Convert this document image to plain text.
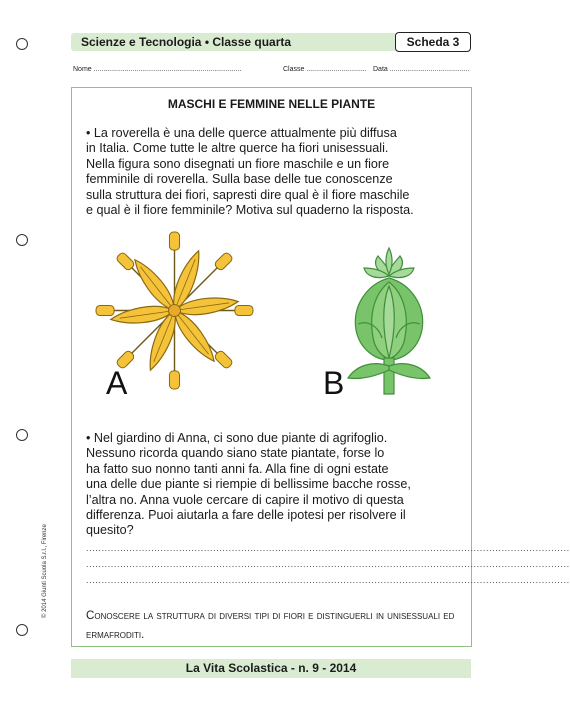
Scienze e Tecnologia • Classe quarta	Scheda 3
Nome ............................................................................	Classe ............................... Data .........................................
MASCHI E FEMMINE NELLE PIANTE

• La roverella è una delle querce attualmente più diffusa

in Italia. Come tutte le altre querce ha fiori unisessuali.

Nella figura sono disegnati un fiore maschile e un fiore

femminile di roverella. Sulla base delle tue conoscenze

sulla struttura dei fiori, sapresti dire qual è il fiore maschile

e qual è il fiore femminile? Motiva sul quaderno la risposta.

A	B

• Nel giardino di Anna, ci sono due piante di agrifoglio.

Nessuno ricorda quando siano state piantate, forse lo

ha fatto suo nonno tanti anni fa. Alla fine di ogni estate

una delle due piante si riempie di bellissime bacche rosse,

l’altra no. Anna vuole cercare di capire il motivo di questa

differenza. Puoi aiutarla a fare delle ipotesi per risolvere il

quesito?

............................................................................................................................................................
............................................................................................................................................................
............................................................................................................................................................
Conoscere la struttura di diversi tipi di fiori e distinguerli in unisessuali ed
ermafroditi.
© 2014 Giunti Scuola S.r.l., Firenze
La Vita Scolastica - n. 9 - 2014
